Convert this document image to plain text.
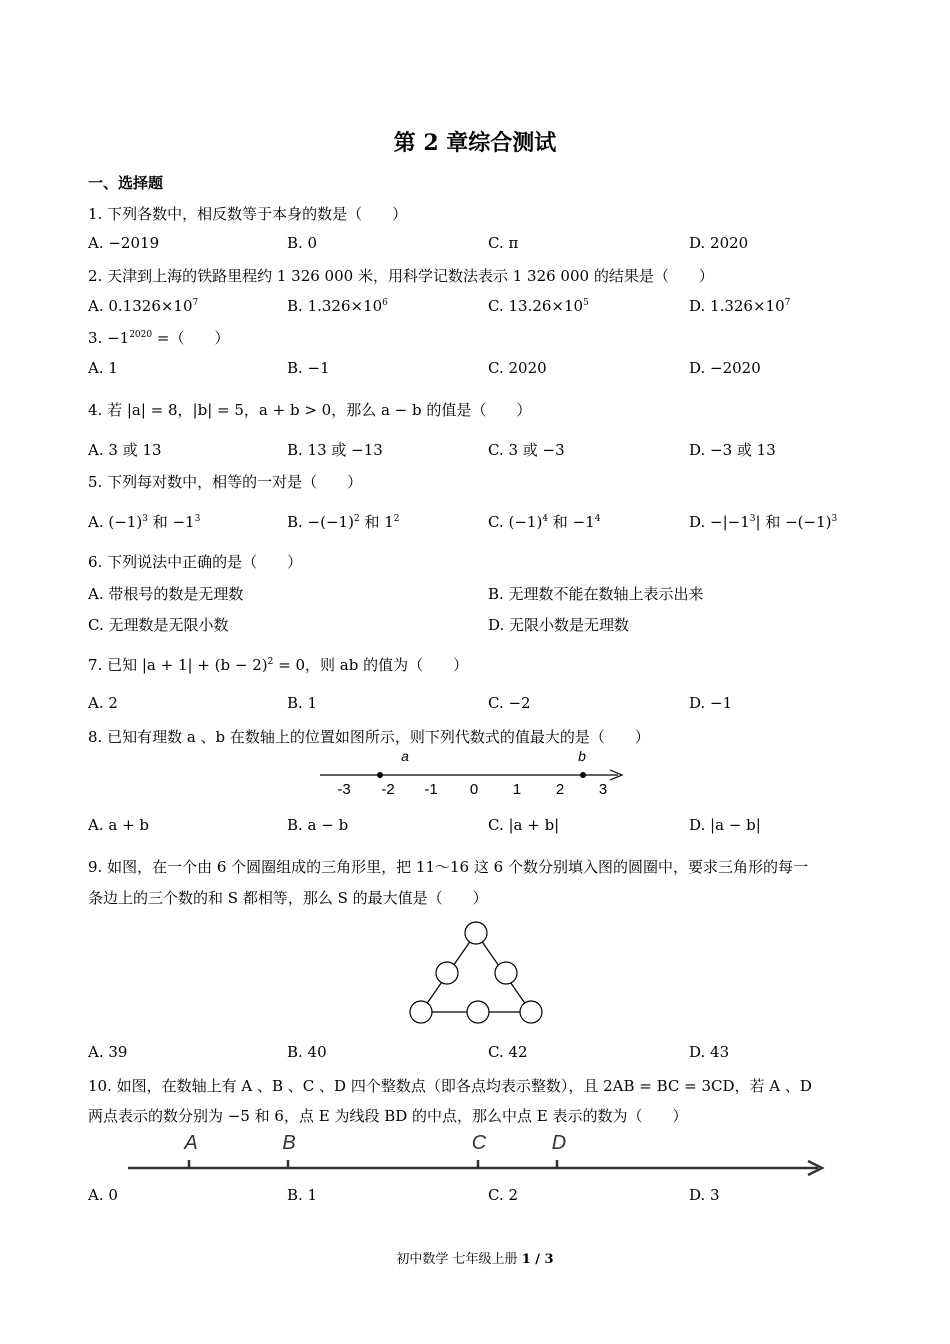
第 2 章综合测试
一、选择题
1. 下列各数中，相反数等于本身的数是（　　）
A. −2019	B. 0	C. π	D. 2020
2. 天津到上海的铁路里程约 1 326 000 米，用科学记数法表示 1 326 000 的结果是（　　）
A. $0.1326\times 10^7$	B. $1.326\times 10^6$	C. $13.26\times 10^5$	D. $1.326\times 10^7$
3. $-1^{2020}$ =（　　）
A. 1	B. −1	C. 2020	D. −2020
4. 若 |a| = 8，|b| = 5，a + b > 0，那么 a − b 的值是（　　）
A. 3 或 13	B. 13 或 −13	C. 3 或 −3	D. −3 或 13
5. 下列每对数中，相等的一对是（　　）
A. $(-1)^3$ 和 $-1^3$	B. $-(-1)^2$ 和 $1^2$	C. $(-1)^4$ 和 $-1^4$	D. $-|-1^3|$ 和 $-(-1)^3$
6. 下列说法中正确的是（　　）
A. 带根号的数是无理数	B. 无理数不能在数轴上表示出来
C. 无理数是无限小数	D. 无限小数是无理数
7. 已知 $|a + 1| + (b - 2)^2 = 0$，则 ab 的值为（　　）
A. 2	B. 1	C. −2	D. −1
8. 已知有理数 a 、b 在数轴上的位置如图所示，则下列代数式的值最大的是（　　）
a	b
-3 -2 -1 0 1 2 3
A. a + b	B. a − b	C. |a + b|	D. |a − b|
9. 如图，在一个由 6 个圆圈组成的三角形里，把 11～16 这 6 个数分别填入图的圆圈中，要求三角形的每一
条边上的三个数的和 S 都相等，那么 S 的最大值是（　　）
A. 39	B. 40	C. 42	D. 43
10. 如图，在数轴上有 A 、B 、C 、D 四个整数点（即各点均表示整数），且 2AB = BC = 3CD，若 A 、D
两点表示的数分别为 −5 和 6，点 E 为线段 BD 的中点，那么中点 E 表示的数为（　　）
A	B	C	D
A. 0	B. 1	C. 2	D. 3
初中数学 七年级上册 1 / 3
